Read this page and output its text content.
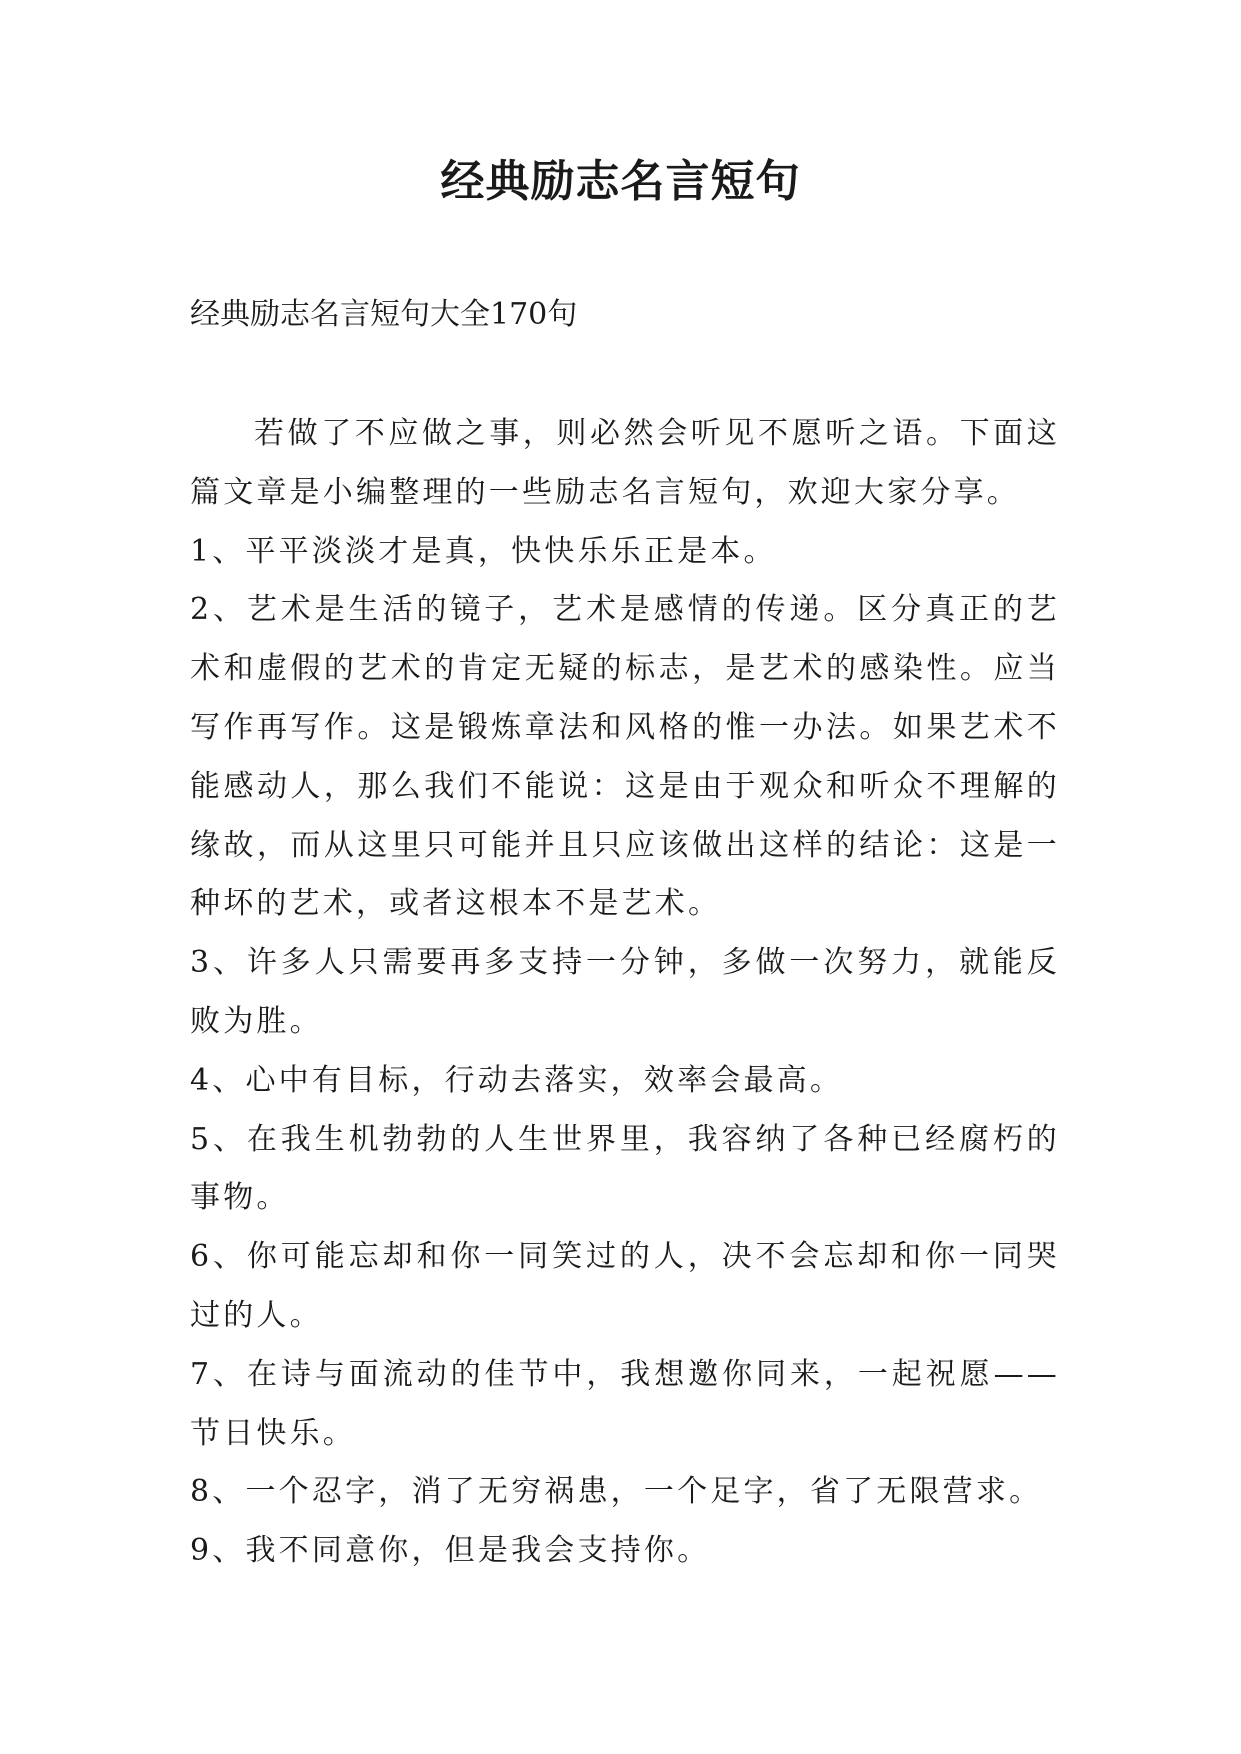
经典励志名言短句

经典励志名言短句大全170句

若做了不应做之事，则必然会听见不愿听之语。下面这篇文章是小编整理的一些励志名言短句，欢迎大家分享。

1、平平淡淡才是真，快快乐乐正是本。

2、艺术是生活的镜子，艺术是感情的传递。区分真正的艺术和虚假的艺术的肯定无疑的标志，是艺术的感染性。应当写作再写作。这是锻炼章法和风格的惟一办法。如果艺术不能感动人，那么我们不能说：这是由于观众和听众不理解的缘故，而从这里只可能并且只应该做出这样的结论：这是一种坏的艺术，或者这根本不是艺术。

3、许多人只需要再多支持一分钟，多做一次努力，就能反败为胜。

4、心中有目标，行动去落实，效率会最高。

5、在我生机勃勃的人生世界里，我容纳了各种已经腐朽的事物。

6、你可能忘却和你一同笑过的人，决不会忘却和你一同哭过的人。

7、在诗与面流动的佳节中，我想邀你同来，一起祝愿——节日快乐。

8、一个忍字，消了无穷祸患，一个足字，省了无限营求。

9、我不同意你，但是我会支持你。
